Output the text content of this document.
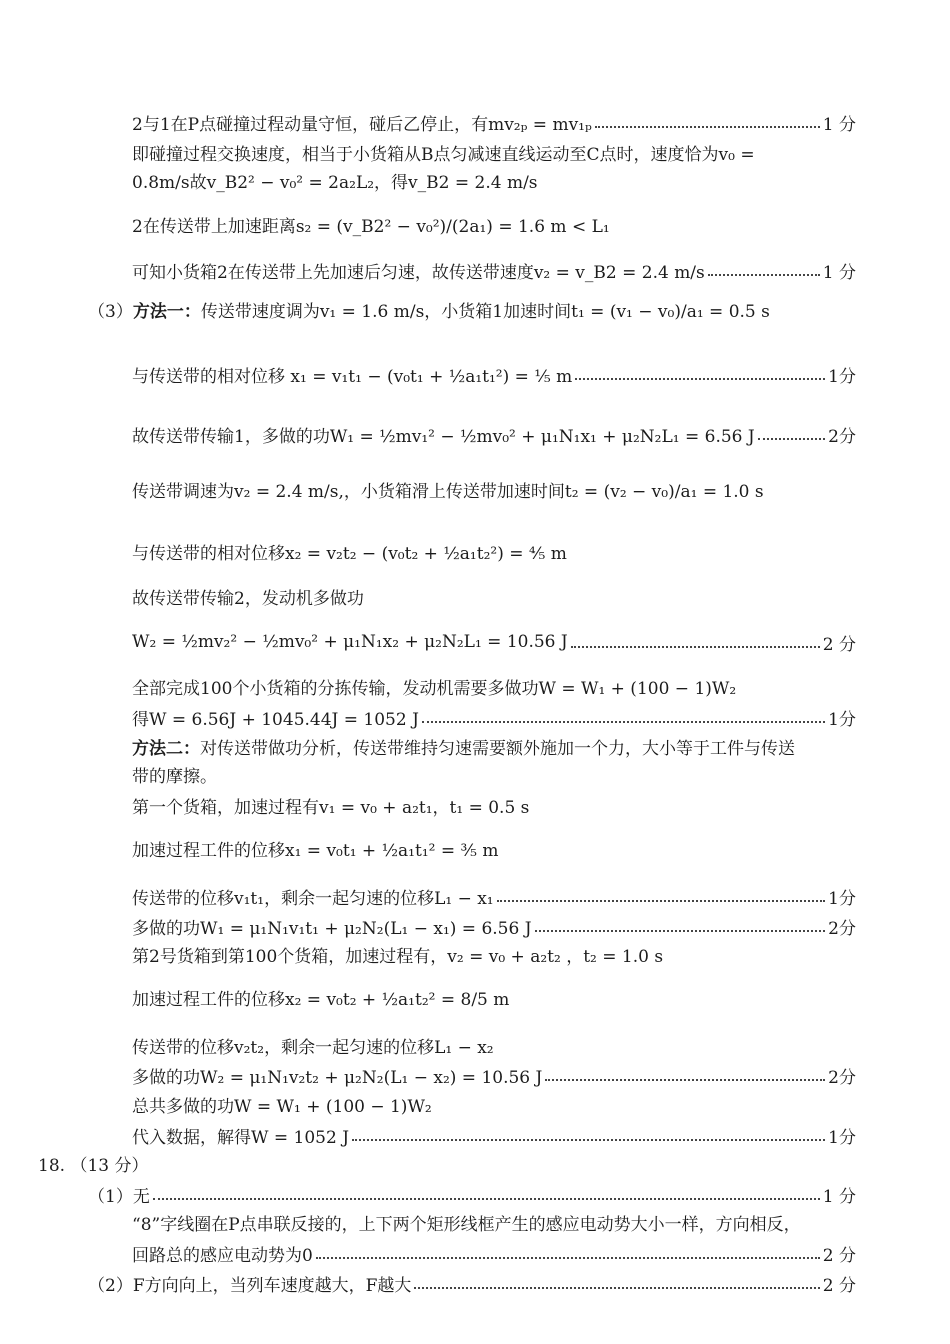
2与1在P点碰撞过程动量守恒，碰后乙停止，有mv₂ₚ = mv₁ₚ	1 分
即碰撞过程交换速度，相当于小货箱从B点匀减速直线运动至C点时，速度恰为v₀ =
0.8m/s故v_B2² − v₀² = 2a₂L₂，得v_B2 = 2.4 m/s
2在传送带上加速距离s₂ = (v_B2² − v₀²)/(2a₁) = 1.6 m < L₁
可知小货箱2在传送带上先加速后匀速，故传送带速度v₂ = v_B2 = 2.4 m/s	1 分
（3）方法一：传送带速度调为v₁ = 1.6 m/s，小货箱1加速时间t₁ = (v₁ − v₀)/a₁ = 0.5 s
与传送带的相对位移 x₁ = v₁t₁ − (v₀t₁ + ½a₁t₁²) = ⅕ m	1分
故传送带传输1，多做的功W₁ = ½mv₁² − ½mv₀² + μ₁N₁x₁ + μ₂N₂L₁ = 6.56 J	2分
传送带调速为v₂ = 2.4 m/s,，小货箱滑上传送带加速时间t₂ = (v₂ − v₀)/a₁ = 1.0 s
与传送带的相对位移x₂ = v₂t₂ − (v₀t₂ + ½a₁t₂²) = ⅘ m
故传送带传输2，发动机多做功
W₂ = ½mv₂² − ½mv₀² + μ₁N₁x₂ + μ₂N₂L₁ = 10.56 J	2 分
全部完成100个小货箱的分拣传输，发动机需要多做功W = W₁ + (100 − 1)W₂
得W = 6.56J + 1045.44J = 1052 J	1分
方法二：对传送带做功分析，传送带维持匀速需要额外施加一个力，大小等于工件与传送
带的摩擦。
第一个货箱，加速过程有v₁ = v₀ + a₂t₁，t₁ = 0.5 s
加速过程工件的位移x₁ = v₀t₁ + ½a₁t₁² = ⅗ m
传送带的位移v₁t₁，剩余一起匀速的位移L₁ − x₁	1分
多做的功W₁ = μ₁N₁v₁t₁ + μ₂N₂(L₁ − x₁) = 6.56 J	2分
第2号货箱到第100个货箱，加速过程有，v₂ = v₀ + a₂t₂ ，t₂ = 1.0 s
加速过程工件的位移x₂ = v₀t₂ + ½a₁t₂² = 8/5 m
传送带的位移v₂t₂，剩余一起匀速的位移L₁ − x₂
多做的功W₂ = μ₁N₁v₂t₂ + μ₂N₂(L₁ − x₂) = 10.56 J	2分
总共多做的功W = W₁ + (100 − 1)W₂
代入数据，解得W = 1052 J	1分
18. （13 分）
（1）无	1 分
“8”字线圈在P点串联反接的，上下两个矩形线框产生的感应电动势大小一样，方向相反，
回路总的感应电动势为0	2 分
（2）F方向向上，当列车速度越大，F越大	2 分
